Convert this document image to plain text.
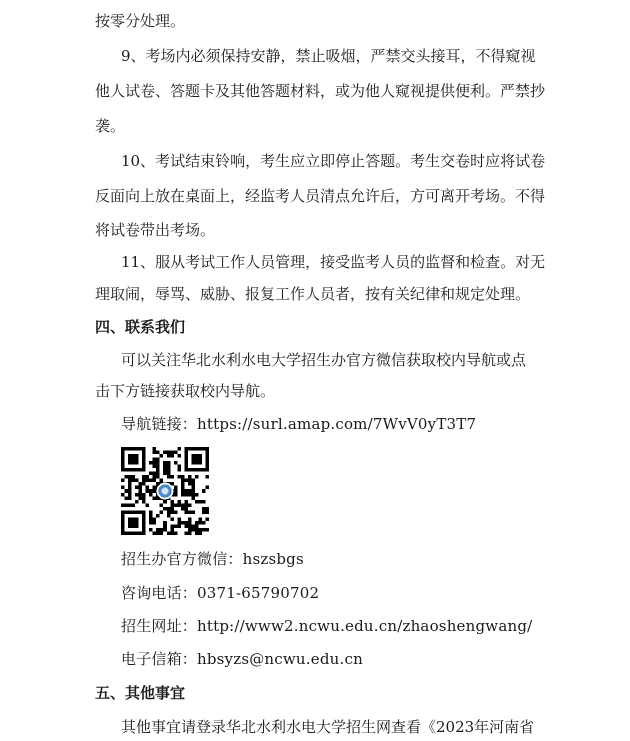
按零分处理。
9、考场内必须保持安静，禁止吸烟，严禁交头接耳，不得窥视
他人试卷、答题卡及其他答题材料，或为他人窥视提供便利。严禁抄
袭。
10、考试结束铃响，考生应立即停止答题。考生交卷时应将试卷
反面向上放在桌面上，经监考人员清点允许后，方可离开考场。不得
将试卷带出考场。
11、服从考试工作人员管理，接受监考人员的监督和检查。对无
理取闹，辱骂、威胁、报复工作人员者，按有关纪律和规定处理。
四、联系我们
可以关注华北水利水电大学招生办官方微信获取校内导航或点
击下方链接获取校内导航。
导航链接：https://surl.amap.com/7WvV0yT3T7
招生办官方微信：hszsbgs
咨询电话：0371-65790702
招生网址：http://www2.ncwu.edu.cn/zhaoshengwang/
电子信箱：hbsyzs@ncwu.edu.cn
五、其他事宜
其他事宜请登录华北水利水电大学招生网查看《2023年河南省
